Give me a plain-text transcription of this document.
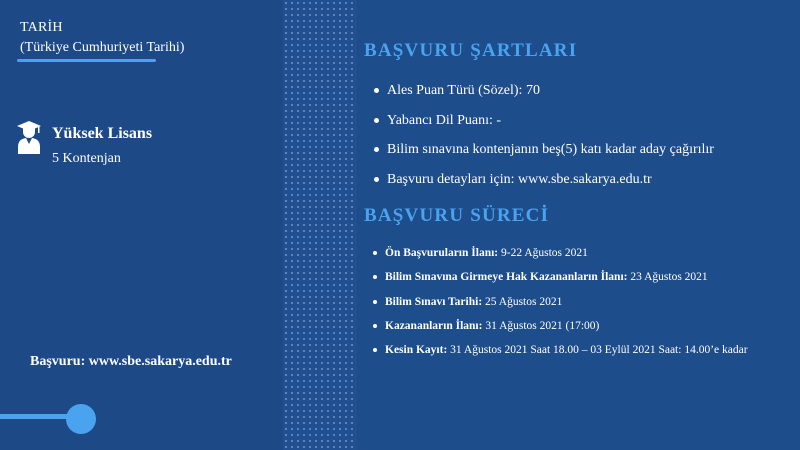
TARİH
(Türkiye Cumhuriyeti Tarihi)
Yüksek Lisans
5 Kontenjan
Başvuru: www.sbe.sakarya.edu.tr
BAŞVURU ŞARTLARI
Ales Puan Türü (Sözel): 70
Yabancı Dil Puanı: -
Bilim sınavına kontenjanın beş(5) katı kadar aday çağırılır
Başvuru detayları için: www.sbe.sakarya.edu.tr
BAŞVURU SÜRECİ
Ön Başvuruların İlanı: 9-22 Ağustos 2021
Bilim Sınavına Girmeye Hak Kazananların İlanı: 23 Ağustos 2021
Bilim Sınavı Tarihi: 25 Ağustos 2021
Kazananların İlanı: 31 Ağustos 2021 (17:00)
Kesin Kayıt: 31 Ağustos 2021 Saat 18.00 – 03 Eylül 2021 Saat: 14.00’e kadar
